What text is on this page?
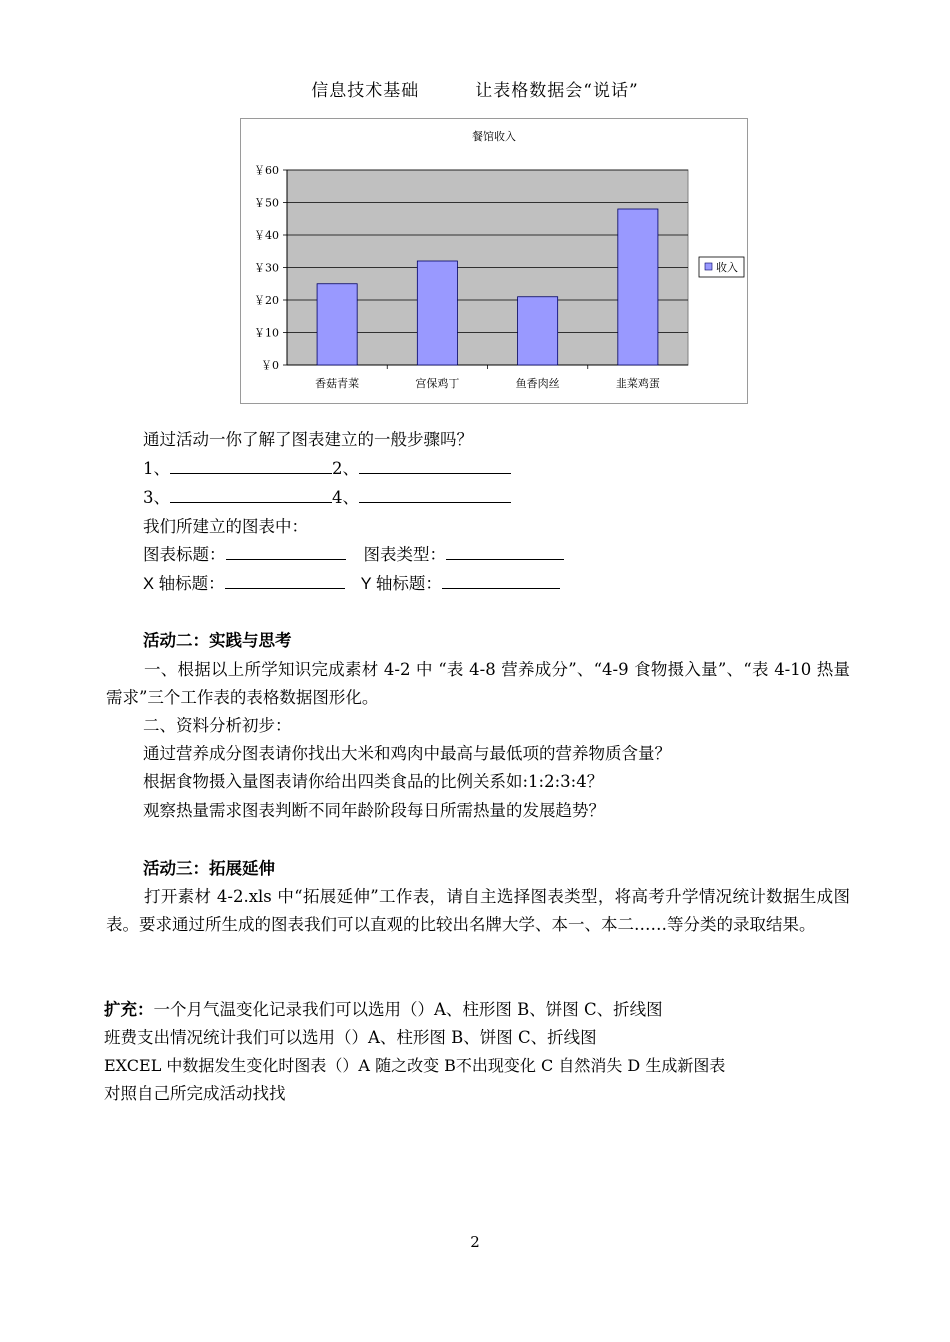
信息技术基础	让表格数据会“说话”
餐馆收入
￥0
￥10
￥20
￥30
￥40
￥50
￥60
香菇青菜	宫保鸡丁	鱼香肉丝	韭菜鸡蛋
收入
通过活动一你了解了图表建立的一般步骤吗？
1、	2、
3、	4、
我们所建立的图表中：
图表标题：	图表类型：
X 轴标题：	Y 轴标题：
活动二：实践与思考
一、根据以上所学知识完成素材 4-2 中 “表 4-8 营养成分”、“4-9 食物摄入量”、“表 4-10 热量需求”三个工作表的表格数据图形化。
二、资料分析初步：
通过营养成分图表请你找出大米和鸡肉中最高与最低项的营养物质含量？
根据食物摄入量图表请你给出四类食品的比例关系如:1:2:3:4？
观察热量需求图表判断不同年龄阶段每日所需热量的发展趋势？
活动三：拓展延伸
打开素材 4-2.xls 中“拓展延伸”工作表，请自主选择图表类型，将高考升学情况统计数据生成图表。要求通过所生成的图表我们可以直观的比较出名牌大学、本一、本二……等分类的录取结果。
扩充：一个月气温变化记录我们可以选用（）A、柱形图 B、饼图 C、折线图
班费支出情况统计我们可以选用（）A、柱形图 B、饼图 C、折线图
EXCEL 中数据发生变化时图表（）A 随之改变 B不出现变化 C 自然消失 D 生成新图表
对照自己所完成活动找找
2
